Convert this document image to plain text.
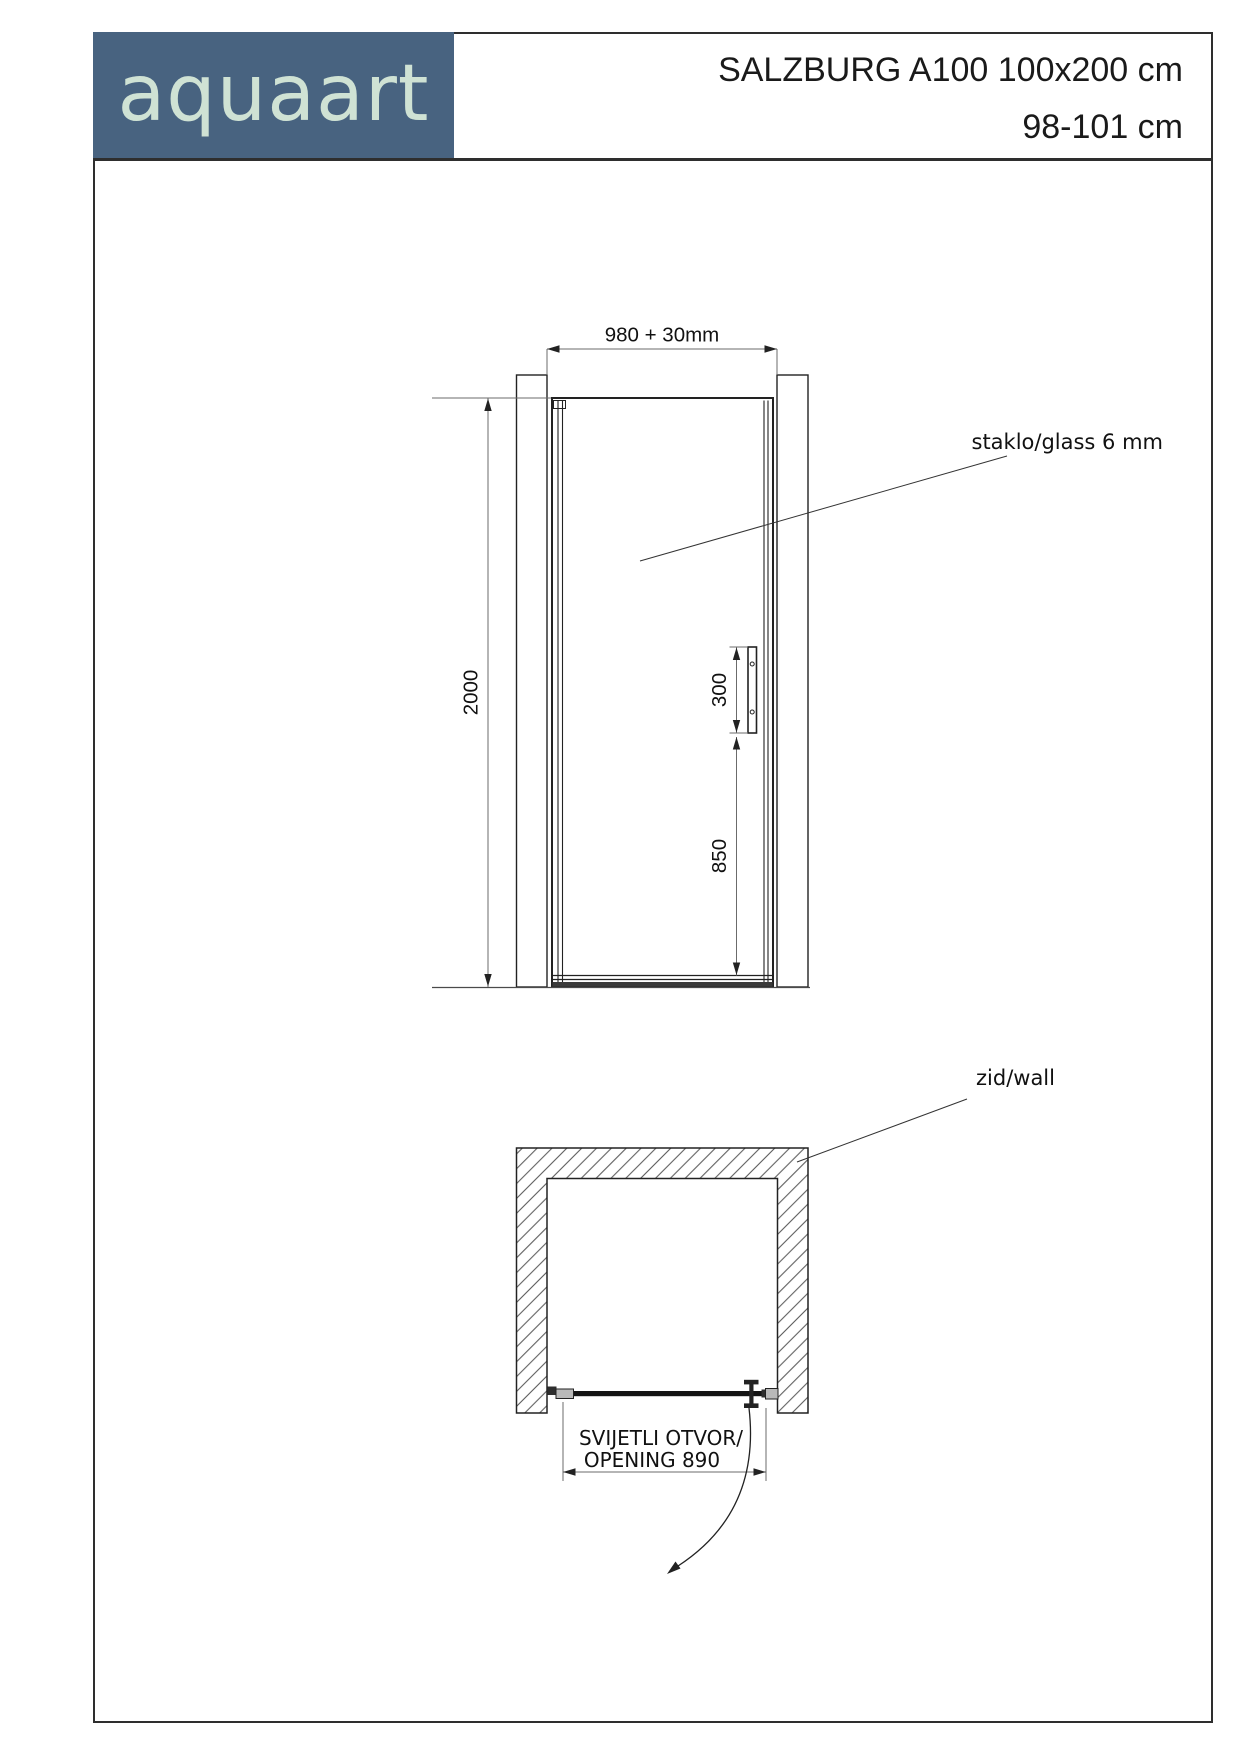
aquaart	SALZBURG A100 100x200 cm
98-101 cm
980 + 30mm
2000	300
850
staklo/glass 6 mm
SVIJETLI OTVOR/
OPENING 890
zid/wall
